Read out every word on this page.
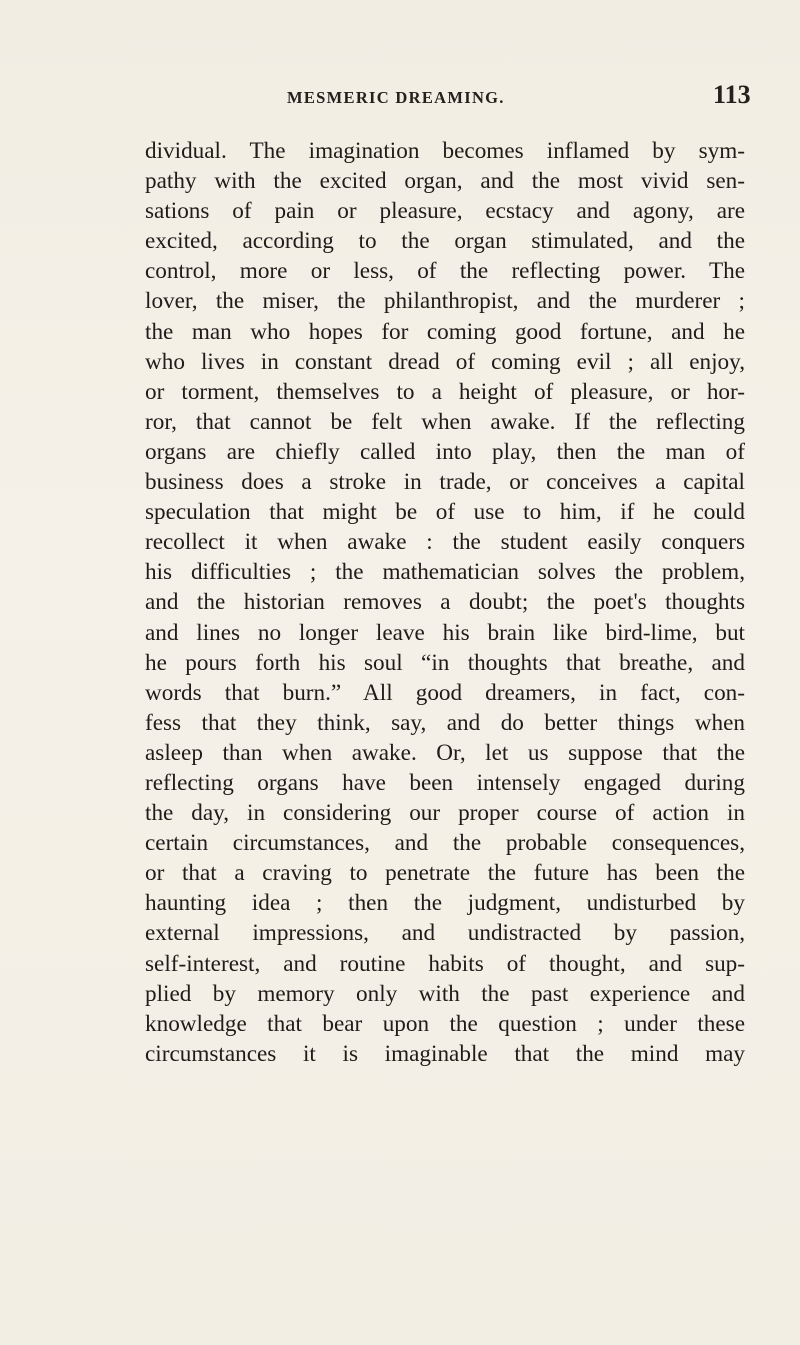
MESMERIC DREAMING.	113
dividual. The imagination becomes inflamed by sym-
pathy with the excited organ, and the most vivid sen-
sations of pain or pleasure, ecstacy and agony, are
excited, according to the organ stimulated, and the
control, more or less, of the reflecting power. The
lover, the miser, the philanthropist, and the murderer ;
the man who hopes for coming good fortune, and he
who lives in constant dread of coming evil ; all enjoy,
or torment, themselves to a height of pleasure, or hor-
ror, that cannot be felt when awake. If the reflecting
organs are chiefly called into play, then the man of
business does a stroke in trade, or conceives a capital
speculation that might be of use to him, if he could
recollect it when awake : the student easily conquers
his difficulties ; the mathematician solves the problem,
and the historian removes a doubt; the poet's thoughts
and lines no longer leave his brain like bird-lime, but
he pours forth his soul “in thoughts that breathe, and
words that burn.” All good dreamers, in fact, con-
fess that they think, say, and do better things when
asleep than when awake. Or, let us suppose that the
reflecting organs have been intensely engaged during
the day, in considering our proper course of action in
certain circumstances, and the probable consequences,
or that a craving to penetrate the future has been the
haunting idea ; then the judgment, undisturbed by
external impressions, and undistracted by passion,
self-interest, and routine habits of thought, and sup-
plied by memory only with the past experience and
knowledge that bear upon the question ; under these
circumstances it is imaginable that the mind may
